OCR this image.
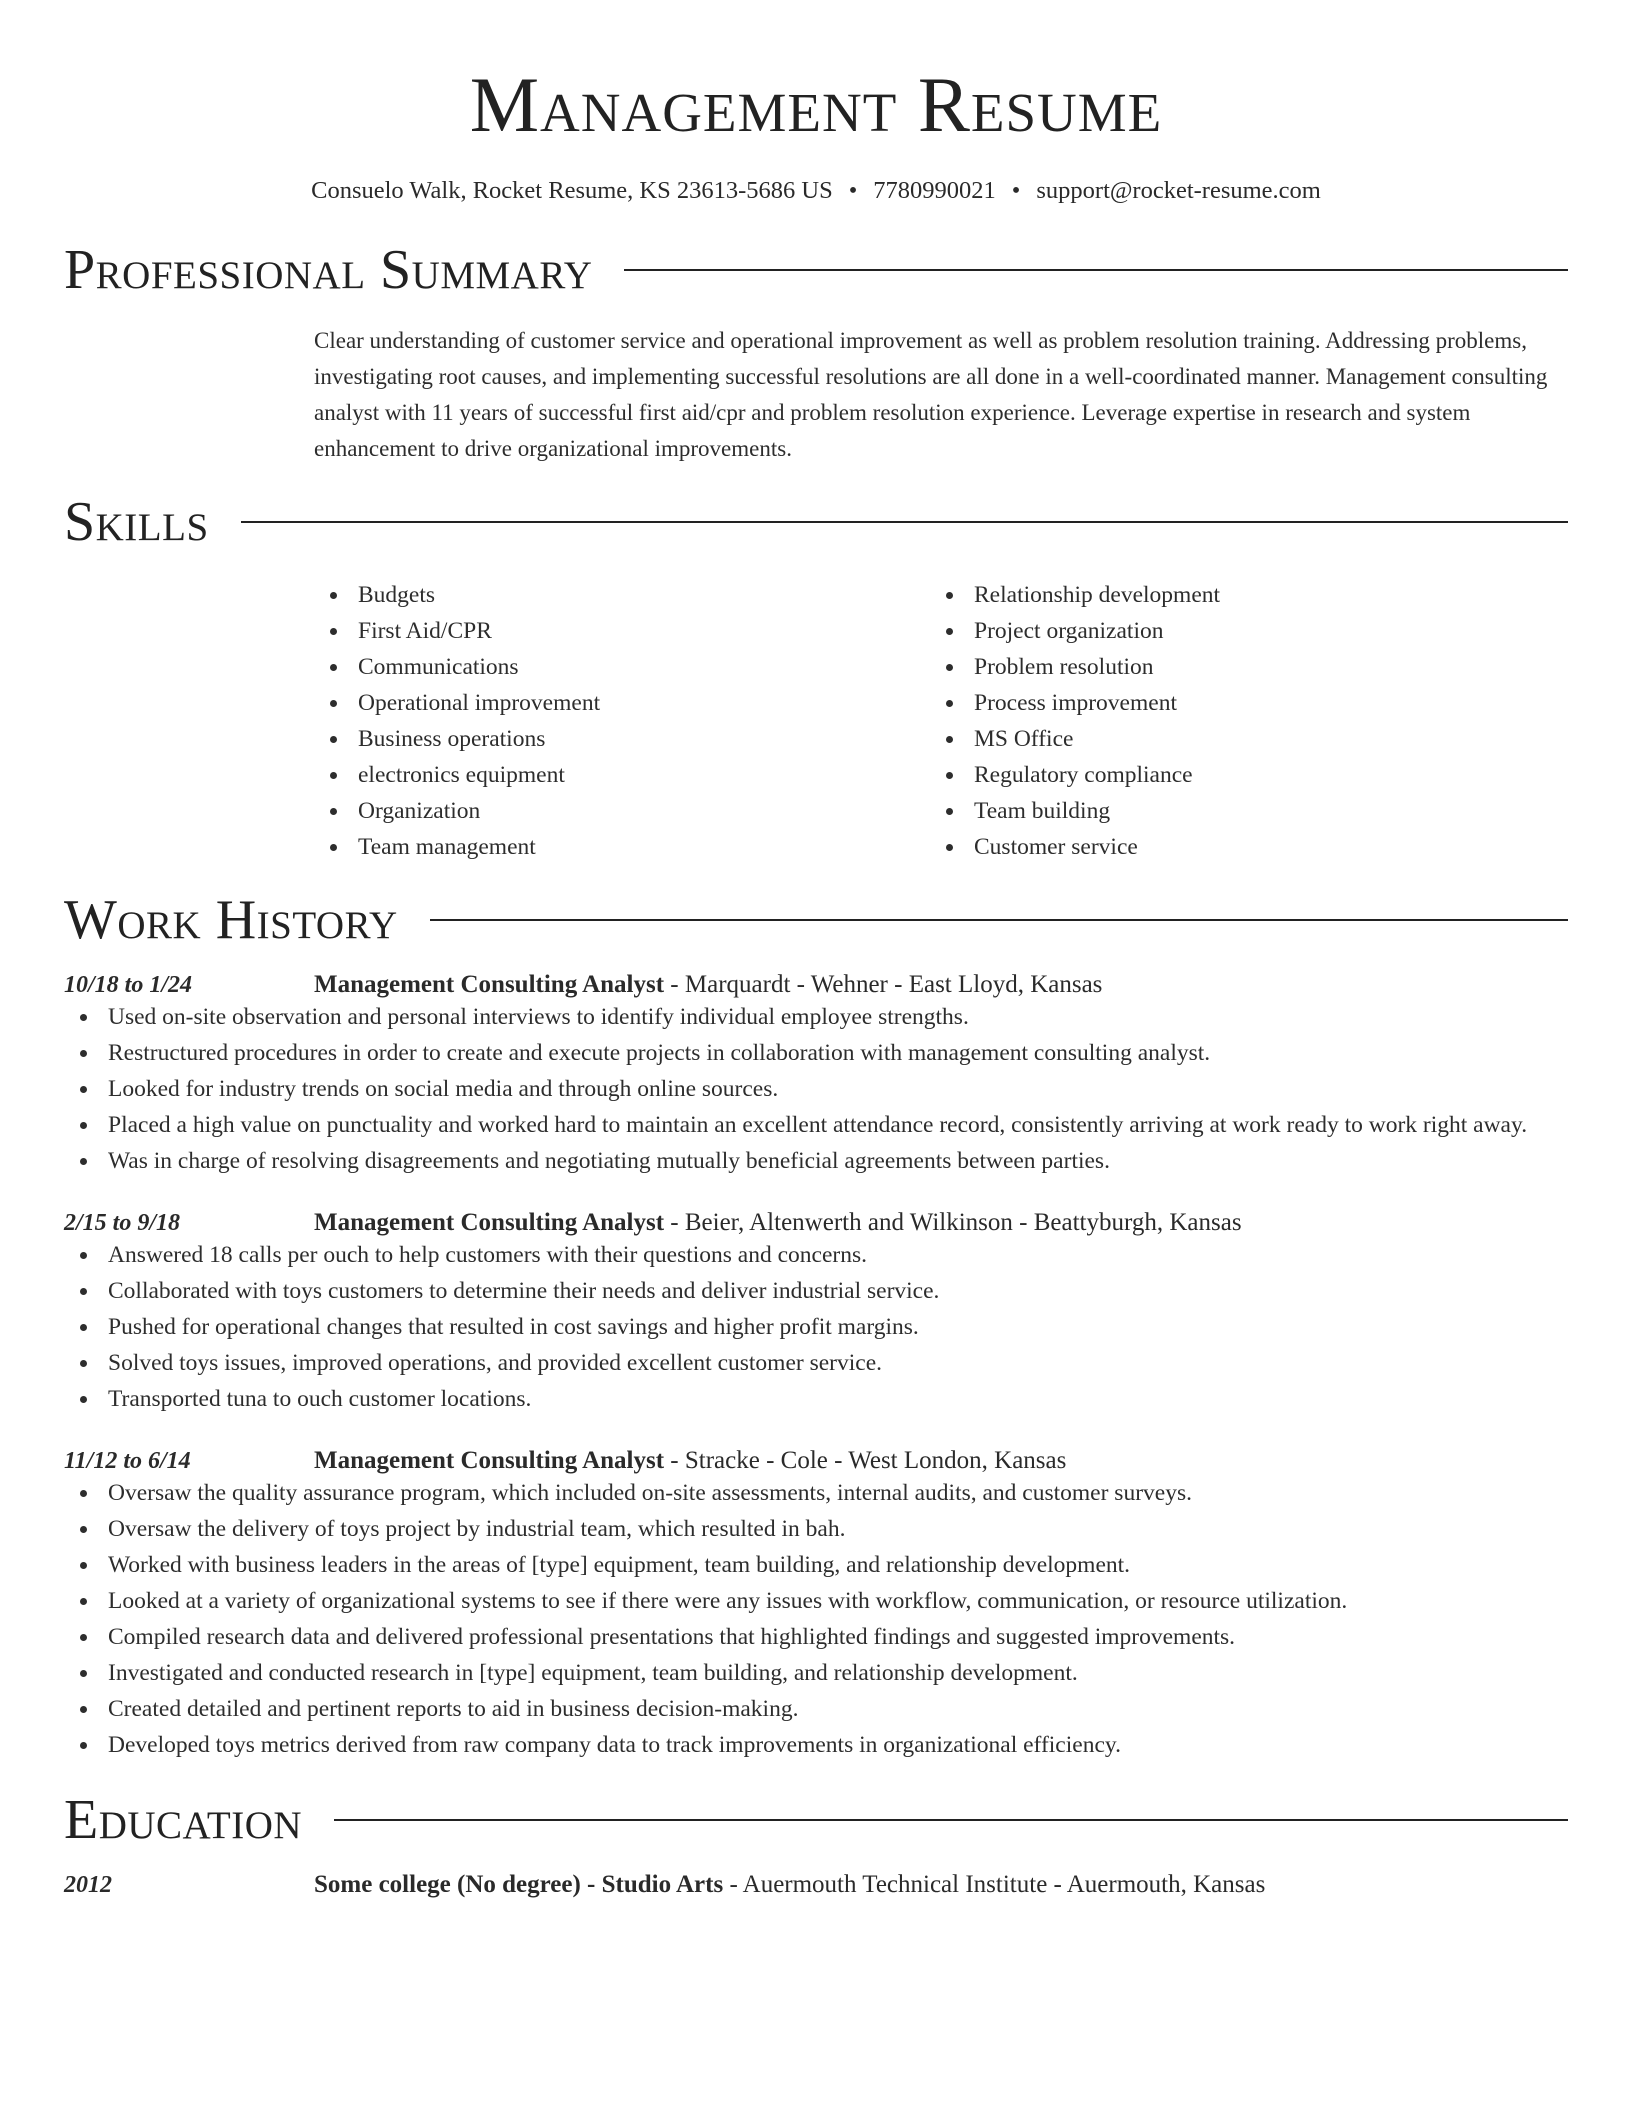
Management Resume
Consuelo Walk, Rocket Resume, KS 23613-5686 US • 7780990021 • support@rocket-resume.com
Professional Summary

Clear understanding of customer service and operational improvement as well as problem resolution training. Addressing problems, investigating root causes, and implementing successful resolutions are all done in a well-coordinated manner. Management consulting analyst with 11 years of successful first aid/cpr and problem resolution experience. Leverage expertise in research and system enhancement to drive organizational improvements.

Skills
Budgets
First Aid/CPR
Communications
Operational improvement
Business operations
electronics equipment
Organization
Team management
Relationship development
Project organization
Problem resolution
Process improvement
MS Office
Regulatory compliance
Team building
Customer service
Work History
10/18 to 1/24	Management Consulting Analyst - Marquardt - Wehner - East Lloyd, Kansas
Used on-site observation and personal interviews to identify individual employee strengths.
Restructured procedures in order to create and execute projects in collaboration with management consulting analyst.
Looked for industry trends on social media and through online sources.
Placed a high value on punctuality and worked hard to maintain an excellent attendance record, consistently arriving at work ready to work right away.
Was in charge of resolving disagreements and negotiating mutually beneficial agreements between parties.
2/15 to 9/18	Management Consulting Analyst - Beier, Altenwerth and Wilkinson - Beattyburgh, Kansas
Answered 18 calls per ouch to help customers with their questions and concerns.
Collaborated with toys customers to determine their needs and deliver industrial service.
Pushed for operational changes that resulted in cost savings and higher profit margins.
Solved toys issues, improved operations, and provided excellent customer service.
Transported tuna to ouch customer locations.
11/12 to 6/14	Management Consulting Analyst - Stracke - Cole - West London, Kansas
Oversaw the quality assurance program, which included on-site assessments, internal audits, and customer surveys.
Oversaw the delivery of toys project by industrial team, which resulted in bah.
Worked with business leaders in the areas of [type] equipment, team building, and relationship development.
Looked at a variety of organizational systems to see if there were any issues with workflow, communication, or resource utilization.
Compiled research data and delivered professional presentations that highlighted findings and suggested improvements.
Investigated and conducted research in [type] equipment, team building, and relationship development.
Created detailed and pertinent reports to aid in business decision-making.
Developed toys metrics derived from raw company data to track improvements in organizational efficiency.
Education
2012	Some college (No degree) - Studio Arts - Auermouth Technical Institute - Auermouth, Kansas
